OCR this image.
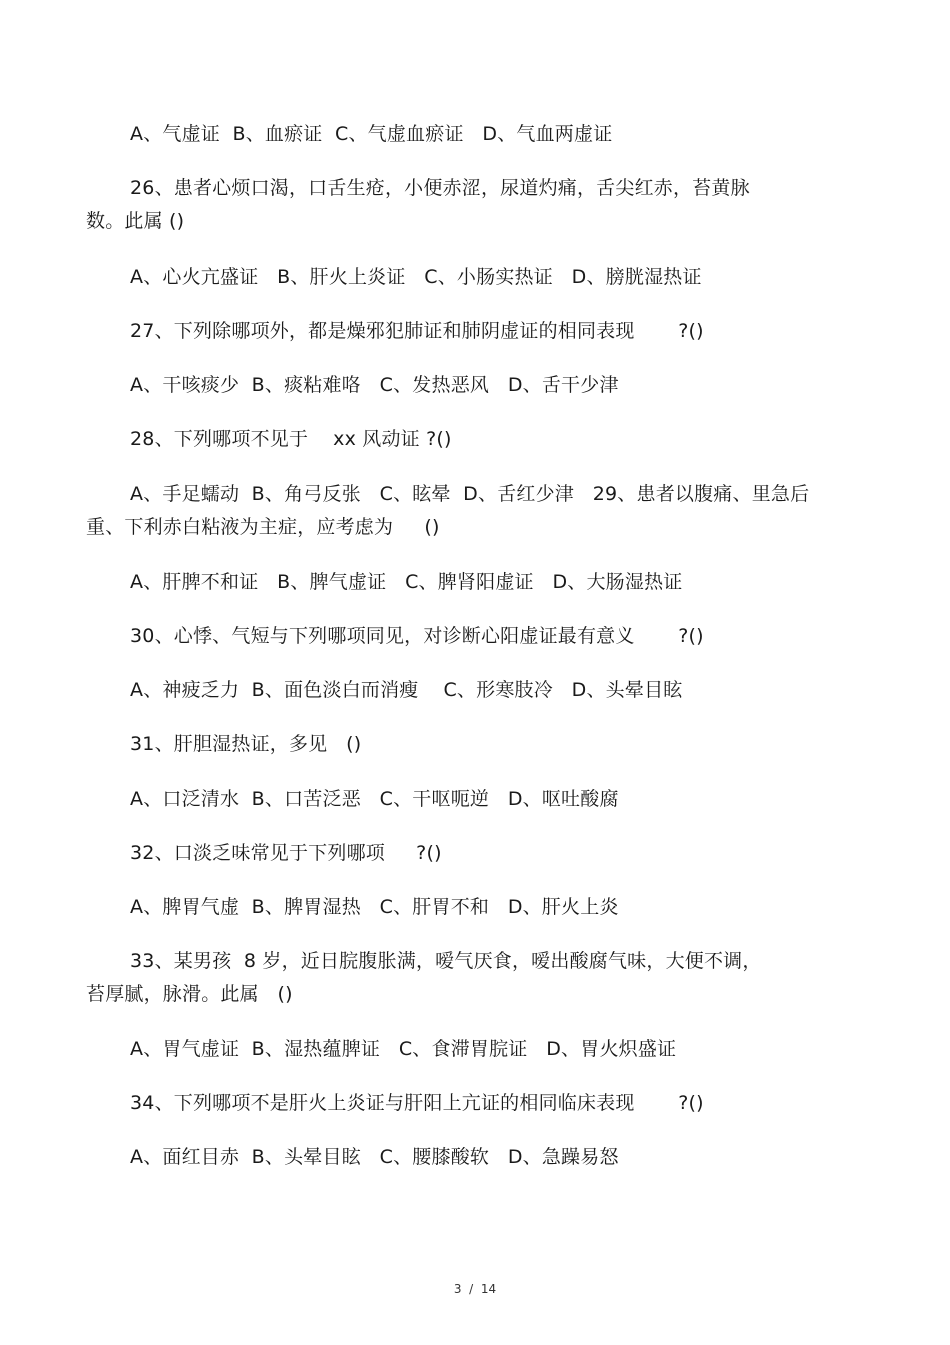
A、气虚证  B、血瘀证  C、气虚血瘀证   D、气血两虚证
26、患者心烦口渴，口舌生疮，小便赤涩，尿道灼痛，舌尖红赤，苔黄脉
数。此属 ()
A、心火亢盛证   B、肝火上炎证   C、小肠实热证   D、膀胱湿热证
27、下列除哪项外，都是燥邪犯肺证和肺阴虚证的相同表现       ?()
A、干咳痰少  B、痰粘难咯   C、发热恶风   D、舌干少津
28、下列哪项不见于    xx 风动证 ?()
A、手足蠕动  B、角弓反张   C、眩晕  D、舌红少津   29、患者以腹痛、里急后
重、下利赤白粘液为主症，应考虑为     ()
A、肝脾不和证   B、脾气虚证   C、脾肾阳虚证   D、大肠湿热证
30、心悸、气短与下列哪项同见，对诊断心阳虚证最有意义       ?()
A、神疲乏力  B、面色淡白而消瘦    C、形寒肢冷   D、头晕目眩
31、肝胆湿热证，多见   ()
A、口泛清水  B、口苦泛恶   C、干呕呃逆   D、呕吐酸腐
32、口淡乏味常见于下列哪项     ?()
A、脾胃气虚  B、脾胃湿热   C、肝胃不和   D、肝火上炎
33、某男孩  8 岁，近日脘腹胀满，嗳气厌食，嗳出酸腐气味，大便不调，
苔厚腻，脉滑。此属   ()
A、胃气虚证  B、湿热蕴脾证   C、食滞胃脘证   D、胃火炽盛证
34、下列哪项不是肝火上炎证与肝阳上亢证的相同临床表现       ?()
A、面红目赤  B、头晕目眩   C、腰膝酸软   D、急躁易怒
3  /  14
